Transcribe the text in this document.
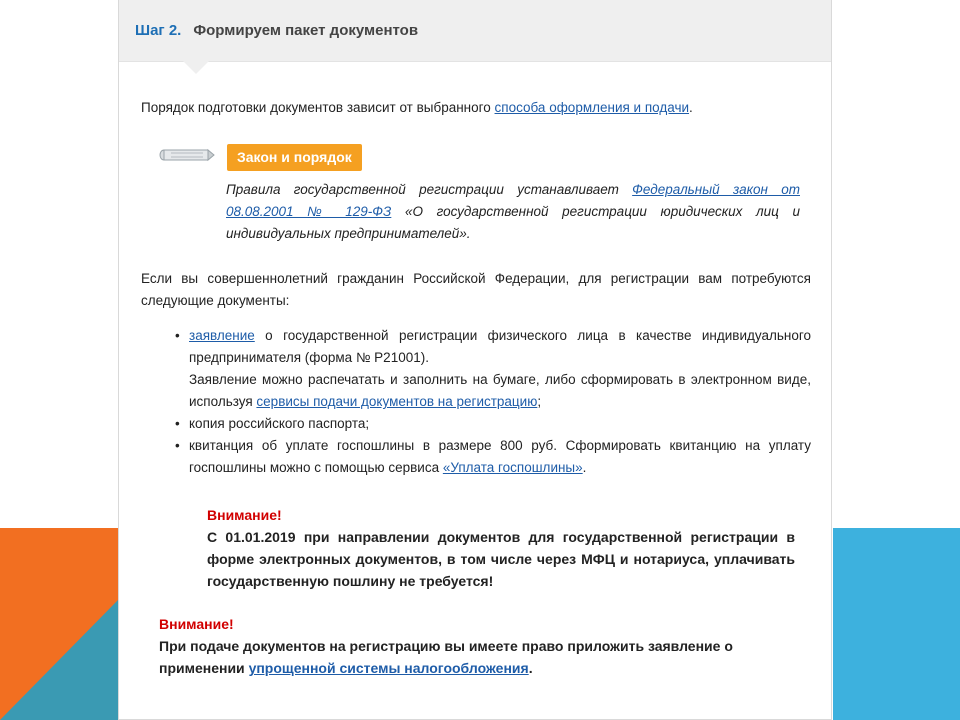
Шаг 2. Формируем пакет документов
Порядок подготовки документов зависит от выбранного способа оформления и подачи.
Закон и порядок
Правила государственной регистрации устанавливает Федеральный закон от 08.08.2001 № 129-ФЗ «О государственной регистрации юридических лиц и индивидуальных предпринимателей».
Если вы совершеннолетний гражданин Российской Федерации, для регистрации вам потребуются следующие документы:
• заявление о государственной регистрации физического лица в качестве индивидуального предпринимателя (форма № Р21001).
Заявление можно распечатать и заполнить на бумаге, либо сформировать в электронном виде, используя сервисы подачи документов на регистрацию;
• копия российского паспорта;
• квитанция об уплате госпошлины в размере 800 руб. Сформировать квитанцию на уплату госпошлины можно с помощью сервиса «Уплата госпошлины».
Внимание!
С 01.01.2019 при направлении документов для государственной регистрации в форме электронных документов, в том числе через МФЦ и нотариуса, уплачивать государственную пошлину не требуется!
Внимание!
При подаче документов на регистрацию вы имеете право приложить заявление о применении упрощенной системы налогообложения.
